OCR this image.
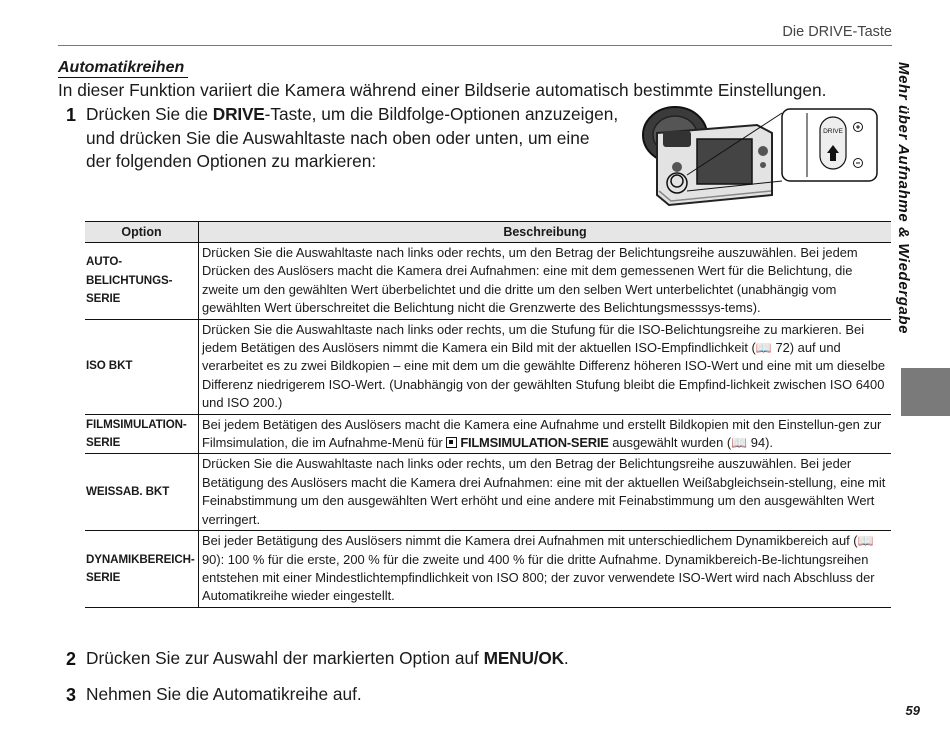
Die DRIVE-Taste
Mehr über Aufnahme & Wiedergabe
Automatikreihen
In dieser Funktion variiert die Kamera während einer Bildserie automatisch bestimmte Einstellungen.
1 Drücken Sie die DRIVE-Taste, um die Bildfolge-Optionen anzuzeigen,
und drücken Sie die Auswahltaste nach oben oder unten, um eine
der folgenden Optionen zu markieren:
DRIVE
Option	Beschreibung
AUTO-
BELICHTUNGS-SERIE	Drücken Sie die Auswahltaste nach links oder rechts, um den Betrag der Belichtungsreihe auszuwählen. Bei jedem Drücken des Auslösers macht die Kamera drei Aufnahmen: eine mit dem gemessenen Wert für die Belichtung, die zweite um den gewählten Wert überbelichtet und die dritte um den selben Wert unterbelichtet (unabhängig vom gewählten Wert überschreitet die Belichtung nicht die Grenzwerte des Belichtungsmesssys-tems).
ISO BKT	Drücken Sie die Auswahltaste nach links oder rechts, um die Stufung für die ISO-Belichtungsreihe zu markieren. Bei jedem Betätigen des Auslösers nimmt die Kamera ein Bild mit der aktuellen ISO-Empfindlichkeit (📖 72) auf und verarbeitet es zu zwei Bildkopien – eine mit dem um die gewählte Differenz höheren ISO-Wert und eine mit um dieselbe Differenz niedrigerem ISO-Wert. (Unabhängig von der gewählten Stufung bleibt die Empfind-lichkeit zwischen ISO 6400 und ISO 200.)
FILMSIMULATION-
SERIE	Bei jedem Betätigen des Auslösers macht die Kamera eine Aufnahme und erstellt Bildkopien mit den Einstellun-gen zur Filmsimulation, die im Aufnahme-Menü für FILMSIMULATION-SERIE ausgewählt wurden (📖 94).
WEISSAB. BKT	Drücken Sie die Auswahltaste nach links oder rechts, um den Betrag der Belichtungsreihe auszuwählen. Bei jeder Betätigung des Auslösers macht die Kamera drei Aufnahmen: eine mit der aktuellen Weißabgleichsein-stellung, eine mit Feinabstimmung um den ausgewählten Wert erhöht und eine andere mit Feinabstimmung um den ausgewählten Wert verringert.
DYNAMIKBEREICH-
SERIE	Bei jeder Betätigung des Auslösers nimmt die Kamera drei Aufnahmen mit unterschiedlichem Dynamikbereich auf (📖 90): 100 % für die erste, 200 % für die zweite und 400 % für die dritte Aufnahme. Dynamikbereich-Be-lichtungsreihen entstehen mit einer Mindestlichtempfindlichkeit von ISO 800; der zuvor verwendete ISO-Wert wird nach Abschluss der Automatikreihe wieder eingestellt.
2 Drücken Sie zur Auswahl der markierten Option auf MENU/OK.
3 Nehmen Sie die Automatikreihe auf.
59
